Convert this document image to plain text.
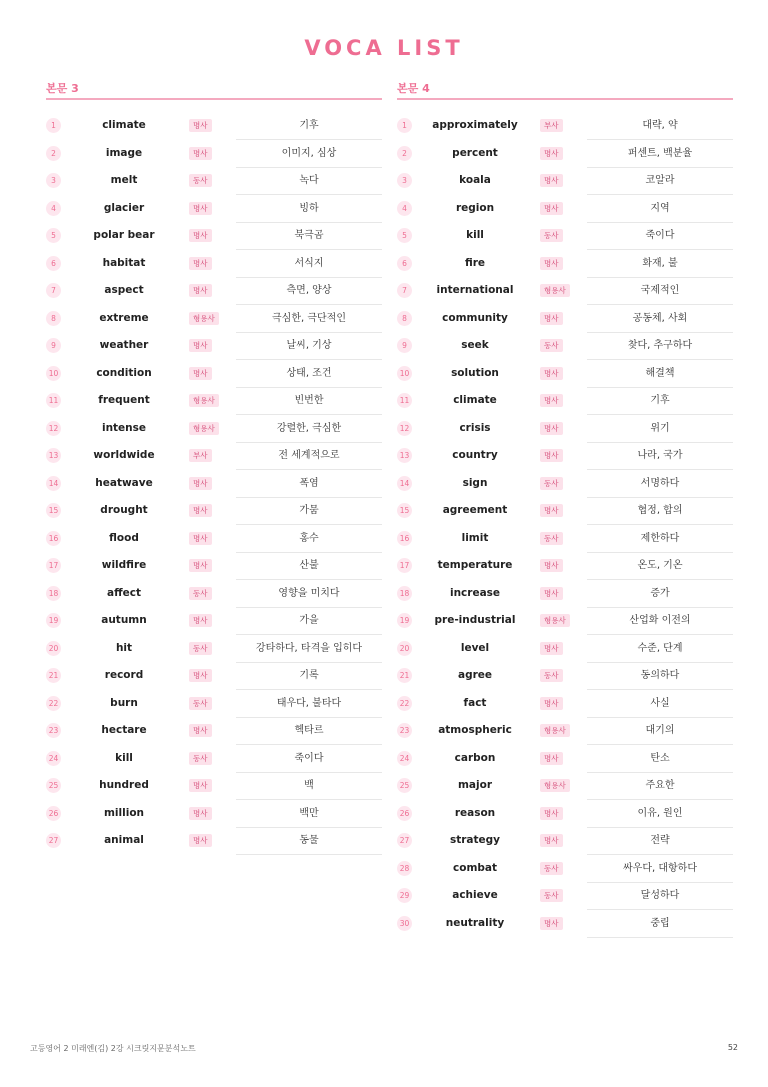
VOCA LIST
본문 3
1	climate	명사	기후
2	image	명사	이미지, 심상
3	melt	동사	녹다
4	glacier	명사	빙하
5	polar bear	명사	북극곰
6	habitat	명사	서식지
7	aspect	명사	측면, 양상
8	extreme	형용사	극심한, 극단적인
9	weather	명사	날씨, 기상
10	condition	명사	상태, 조건
11	frequent	형용사	빈번한
12	intense	형용사	강렬한, 극심한
13	worldwide	부사	전 세계적으로
14	heatwave	명사	폭염
15	drought	명사	가뭄
16	flood	명사	홍수
17	wildfire	명사	산불
18	affect	동사	영향을 미치다
19	autumn	명사	가을
20	hit	동사	강타하다, 타격을 입히다
21	record	명사	기록
22	burn	동사	태우다, 불타다
23	hectare	명사	헥타르
24	kill	동사	죽이다
25	hundred	명사	백
26	million	명사	백만
27	animal	명사	동물
본문 4
1	approximately	부사	대략, 약
2	percent	명사	퍼센트, 백분율
3	koala	명사	코알라
4	region	명사	지역
5	kill	동사	죽이다
6	fire	명사	화재, 불
7	international	형용사	국제적인
8	community	명사	공동체, 사회
9	seek	동사	찾다, 추구하다
10	solution	명사	해결책
11	climate	명사	기후
12	crisis	명사	위기
13	country	명사	나라, 국가
14	sign	동사	서명하다
15	agreement	명사	협정, 합의
16	limit	동사	제한하다
17	temperature	명사	온도, 기온
18	increase	명사	증가
19	pre-industrial	형용사	산업화 이전의
20	level	명사	수준, 단계
21	agree	동사	동의하다
22	fact	명사	사실
23	atmospheric	형용사	대기의
24	carbon	명사	탄소
25	major	형용사	주요한
26	reason	명사	이유, 원인
27	strategy	명사	전략
28	combat	동사	싸우다, 대항하다
29	achieve	동사	달성하다
30	neutrality	명사	중립
고등영어 2 미래엔(김) 2강 시크릿지문분석노트	52
